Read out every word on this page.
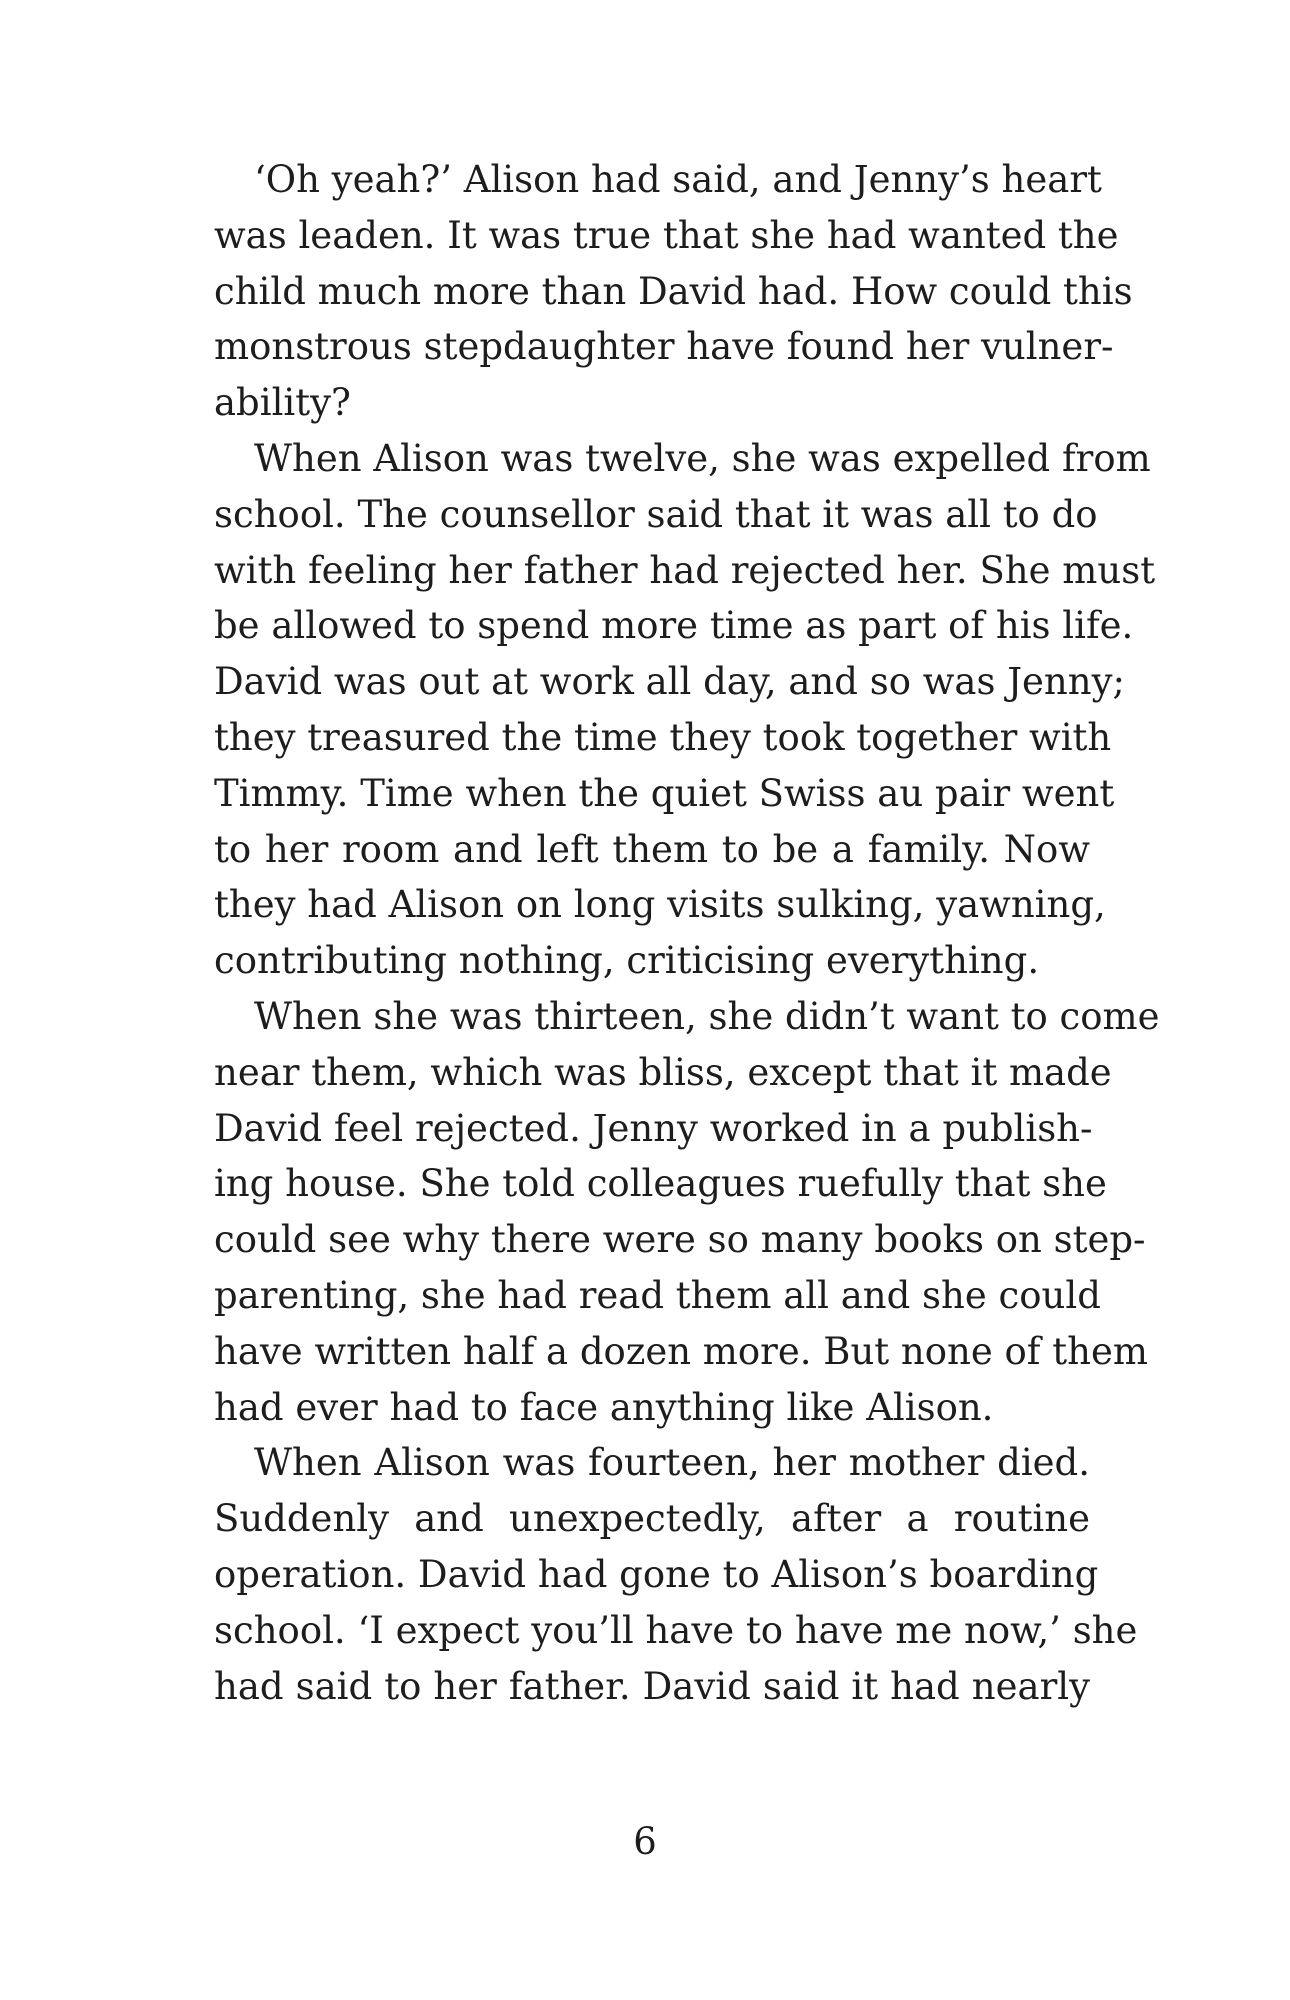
‘Oh yeah?’ Alison had said, and Jenny’s heart
was leaden. It was true that she had wanted the
child much more than David had. How could this
monstrous stepdaughter have found her vulner-
ability?
When Alison was twelve, she was expelled from
school. The counsellor said that it was all to do
with feeling her father had rejected her. She must
be allowed to spend more time as part of his life.
David was out at work all day, and so was Jenny;
they treasured the time they took together with
Timmy. Time when the quiet Swiss au pair went
to her room and left them to be a family. Now
they had Alison on long visits sulking, yawning,
contributing nothing, criticising everything.
When she was thirteen, she didn’t want to come
near them, which was bliss, except that it made
David feel rejected. Jenny worked in a publish-
ing house. She told colleagues ruefully that she
could see why there were so many books on step-
parenting, she had read them all and she could
have written half a dozen more. But none of them
had ever had to face anything like Alison.
When Alison was fourteen, her mother died.
Suddenly and unexpectedly, after a routine
operation. David had gone to Alison’s boarding
school. ‘I expect you’ll have to have me now,’ she
had said to her father. David said it had nearly
6
